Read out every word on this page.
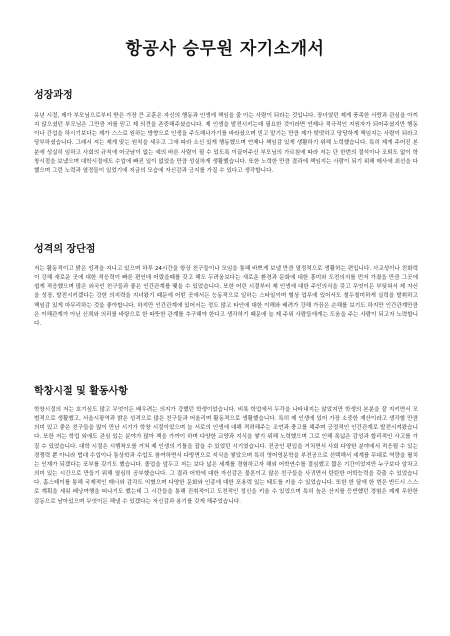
항공사 승무원 자기소개서
성장과정
유년 시절, 제가 부모님으로부터 받은 가장 큰 교훈은 자신의 행동과 인생에 책임을 줄 아는 사람이 되라는 것입니다. 장녀였던 제게 풍족한 사랑과 관심을 아끼지 않으셨던 부모님은 그만큼 저를 믿고 제 의견을 존중해주셨습니다. 제 인생을 발전시키는데 필요한 것이라면 언제나 적극적인 지원자가 되어주셨지만 행동이나 간섭을 하시기보다는 제가 스스로 원하는 방향으로 인생을 주도해나가기를 바라셨으며 믿고 맡기는 만큼 제가 떳떳하고 당당하게 책임지는 사람이 되라고 당부하셨습니다. 그래서 저는 제게 맞는 원칙을 세우고 그에 따라 소신 있게 행동했으며 언제나 책임감 있게 생활하기 위해 노력했습니다. 특히 제게 주어진 본분에 성실히 임하고 사회의 규칙에 어긋남이 없는 예의 바른 사람이 될 수 있도록 이끌어주신 부모님의 가르침에 따라 저는 단 한번의 결석이나 조퇴도 없이 학창시절을 보냈으며 대학시절에도 수업에 빠진 일이 없었을 만큼 성실하게 생활했습니다. 또한 노력한 만큼 결과에 책임지는 사람이 되기 위해 매사에 최선을 다했으며 그런 노력과 열정들이 있었기에 지금의 모습에 자신감과 긍지를 가질 수 있다고 생각합니다.
성격의 장단점
저는 활동적이고 밝은 성격을 지니고 있으며 하루 24시간을 항상 친구들이나 모임을 통해 바쁘게 보낼 만큼 열정적으로 생활하는 편입니다. 사교성이나 친화력이 강해 새로운 곳에 대한 적응력이 빠른 편인데 어렸을때를 갖고 해도 두려움보다는 새로운 환경과 문화에 대한 흥미와 도전의지를 먼저 가졌을 만큼 그곳에 쉽게 적응했으며 많은 외국인 친구들과 좋은 인간관계를 맺을 수 있었습니다. 또한 어린 시절부터 제 인생에 대한 주인의식을 갖고 무엇이든 부딪혀서 제 자신을 성장, 발전시키겠다는 강한 의지력을 지녀왔기 때문에 어떤 곳에서든 능동적으로 일하는 스타일이며 혈상 업무에 있어서도 철두철미하게 실력을 발휘하고 책임감 있게 마무리하는 것을 좋아합니다. 하지만 인간관계에 있어서는 정도 많고 타인에 대한 이해와 배려가 강해 가끔은 손해를 보기도 하지만 인간관계만큼은 이해관계가 아닌 신뢰와 의리를 바탕으로 한 따뜻한 관계를 추구해야 한다고 생각하기 때문에 늘 제 주위 사람들에게는 도움을 주는 사람이 되고자 노력합니다.
학창시절 및 활동사항
학창시절의 저는 호기심도 많고 무엇이든 배우려는 의지가 강했던 학생이었습니다. 비록 학업에서 두각을 나타내지는 않았지만 학생의 본분을 잘 지키면서 모범적으로 생활했고, 서울시광역과 밝은 성격으로 많은 친구들과 어울리며 활동적으로 생활했습니다. 특히 제 인생에 있어 가장 소중한 재산이라고 생각할 만큼 의미 있고 좋은 친구들을 많이 만난 시기가 학창 시절이었으며 늘 서로의 인생에 대해 격려해주는 조언과 충고를 해주며 긍정적인 인간관계로 발전시켜왔습니다. 또한 저는 학업 외에도 관심 있는 분야가 많아 책을 가까이 하며 다양한 교양과 지식을 쌓기 위해 노력했으며 그로 인해 폭넓은 감성과 합리적인 사고를 가질 수 있었습니다. 대학 시절은 시행착오를 거쳐 제 인생의 기틀을 잡을 수 있었던 시기였습니다. 전공인 편입을 거치면서 사회 다양한 분야에서 적응될 수 있는 경쟁력 뿐 아니라 법대 수업이나 통상학과 수업도 참여하면서 다방면으로 지식을 쌓았으며 특히 영어영문학을 부전공으로 선택해서 세계를 무대로 역량을 펼치는 인재가 되겠다는 포부를 갖기도 했습니다. 졸업을 앞두고 저는 보다 넓은 세계를 경험하고자 해외 어학연수를 결심했고 짧은 기간이었지만 누구보다 알차고 의미 있는 시간으로 만들기 위해 열심히 공부했습니다. 그 결과 어학에 대한 자신감은 물론이고 많은 친구들을 사귀면서 탄탄한 어학능력을 갖출 수 있었습니다. 홈스테이를 통해 국제적인 매너와 감각도 익혔으며 다양한 문화와 인종에 대한 포용력 있는 태도를 키울 수 있었습니다. 또한 한 달에 한 번은 반드시 스스로 계획을 세워 배낭여행을 떠나기도 했는데 그 시간들을 통해 진취적이고 도전적인 정신을 키울 수 있었으며 특히 높은 산지를 등반했던 경험은 제게 무한한 감동으로 남아있으며 무엇이든 해낼 수 있겠다는 자신감과 용기를 갖게 해주었습니다.
